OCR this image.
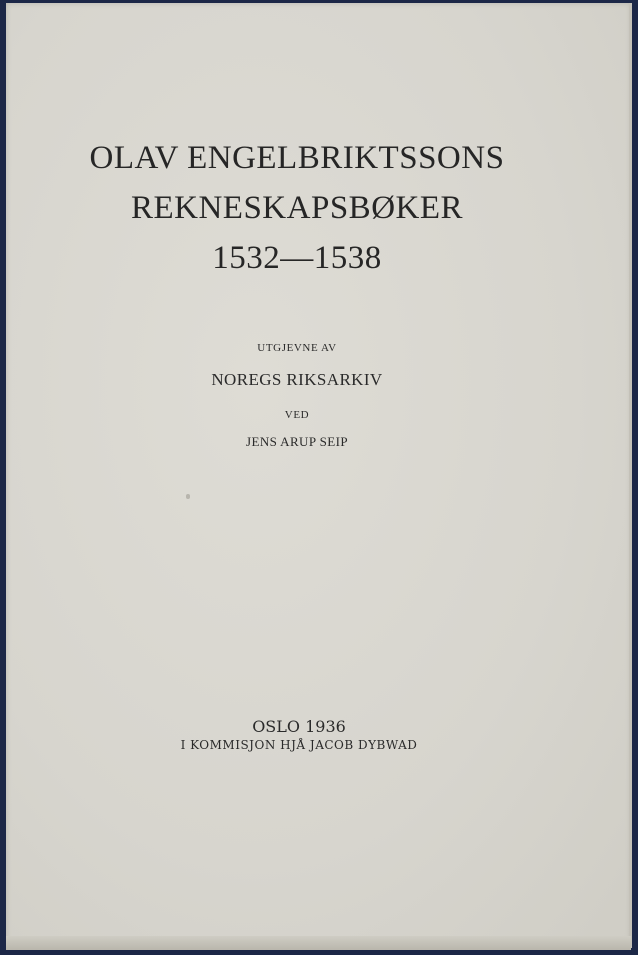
OLAV ENGELBRIKTSSONS
REKNESKAPSBØKER
1532—1538
UTGJEVNE AV
NOREGS RIKSARKIV
VED
JENS ARUP SEIP
OSLO 1936
I KOMMISJON HJÅ JACOB DYBWAD
